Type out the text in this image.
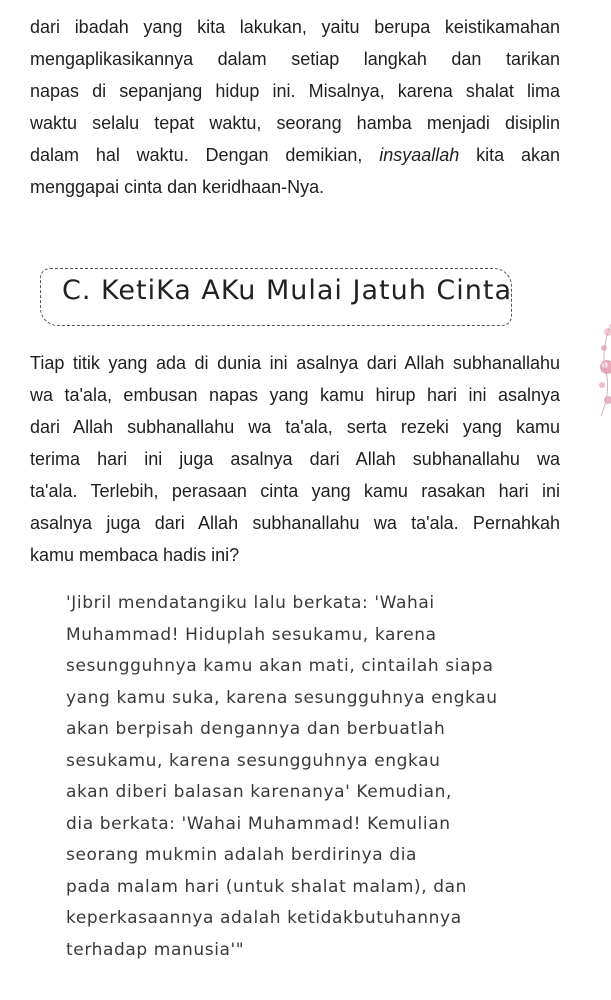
dari ibadah yang kita lakukan, yaitu berupa keistikamahan
mengaplikasikannya dalam setiap langkah dan tarikan
napas di sepanjang hidup ini. Misalnya, karena shalat lima
waktu selalu tepat waktu, seorang hamba menjadi disiplin
dalam hal waktu. Dengan demikian, insyaallah kita akan
menggapai cinta dan keridhaan-Nya.
C. KetiKa AKu Mulai Jatuh Cinta
Tiap titik yang ada di dunia ini asalnya dari Allah subhanallahu
wa ta'ala, embusan napas yang kamu hirup hari ini asalnya
dari Allah subhanallahu wa ta'ala, serta rezeki yang kamu
terima hari ini juga asalnya dari Allah subhanallahu wa
ta'ala. Terlebih, perasaan cinta yang kamu rasakan hari ini
asalnya juga dari Allah subhanallahu wa ta'ala. Pernahkah
kamu membaca hadis ini?
'Jibril mendatangiku lalu berkata: 'Wahai
Muhammad! Hiduplah sesukamu, karena
sesungguhnya kamu akan mati, cintailah siapa
yang kamu suka, karena sesungguhnya engkau
akan berpisah dengannya dan berbuatlah
sesukamu, karena sesungguhnya engkau
akan diberi balasan karenanya' Kemudian,
dia berkata: 'Wahai Muhammad! Kemulian
seorang mukmin adalah berdirinya dia
pada malam hari (untuk shalat malam), dan
keperkasaannya adalah ketidakbutuhannya
terhadap manusia'"
